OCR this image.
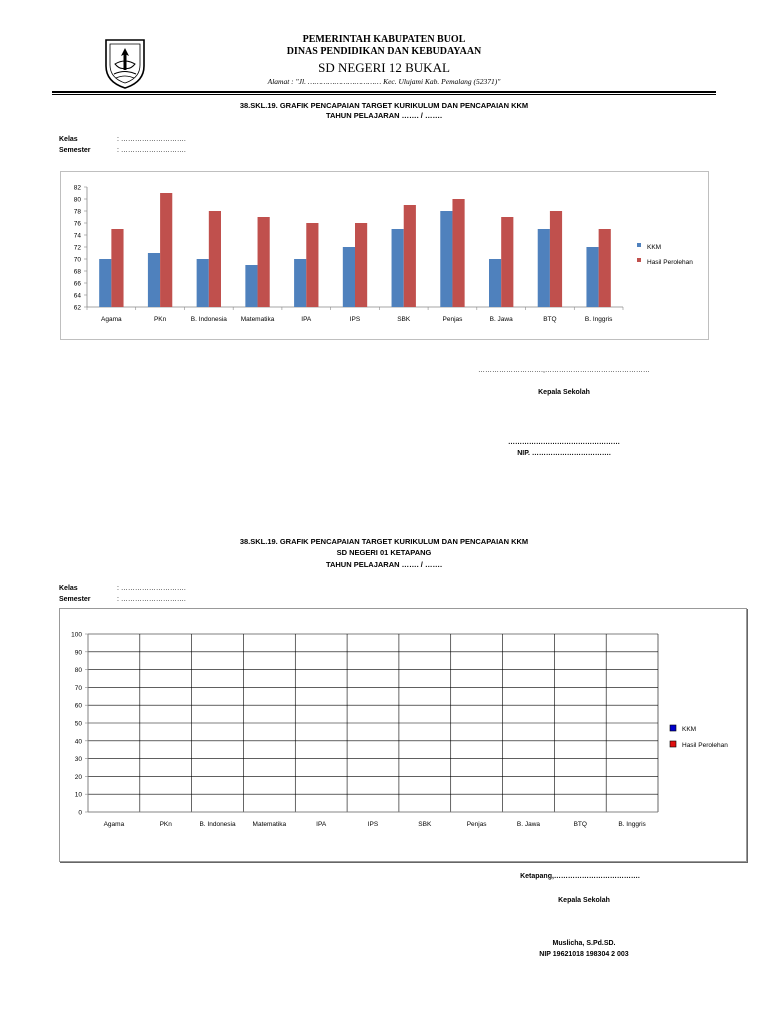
PEMERINTAH KABUPATEN BUOL
DINAS PENDIDIKAN DAN KEBUDAYAAN
SD NEGERI 12 BUKAL
Alamat : "Jl. …………………………… Kec. Ulujami Kab. Pemalang (52371)"
38.SKL.19. GRAFIK PENCAPAIAN TARGET KURIKULUM DAN PENCAPAIAN KKM
TAHUN PELAJARAN ……. / …….
Kelas	: ……………………….
Semester	: ……………………….
62
64
66
68
70
72
74
76
78
80
82
Agama	PKn	B. Indonesia Matematika	IPA	IPS	SBK	Penjas	B. Jawa	BTQ	B. Inggris
KKM
Hasil Perolehan
……………………….,………………………………………
Kepala Sekolah
…………………………………………
NIP. …………………………….
38.SKL.19. GRAFIK PENCAPAIAN TARGET KURIKULUM DAN PENCAPAIAN KKM
SD NEGERI 01 KETAPANG
TAHUN PELAJARAN ……. / …….
Kelas	: ……………………….
Semester	: ……………………….
0
10
20
30
40
50
60
70
80
90
100
Agama	PKn	B. Indonesia	Matematika	IPA	IPS	SBK	Penjas	B. Jawa	BTQ	B. Inggris
KKM
Hasil Perolehan
Ketapang,……………………………….
Kepala Sekolah
Muslicha, S.Pd.SD.
NIP 19621018 198304 2 003
